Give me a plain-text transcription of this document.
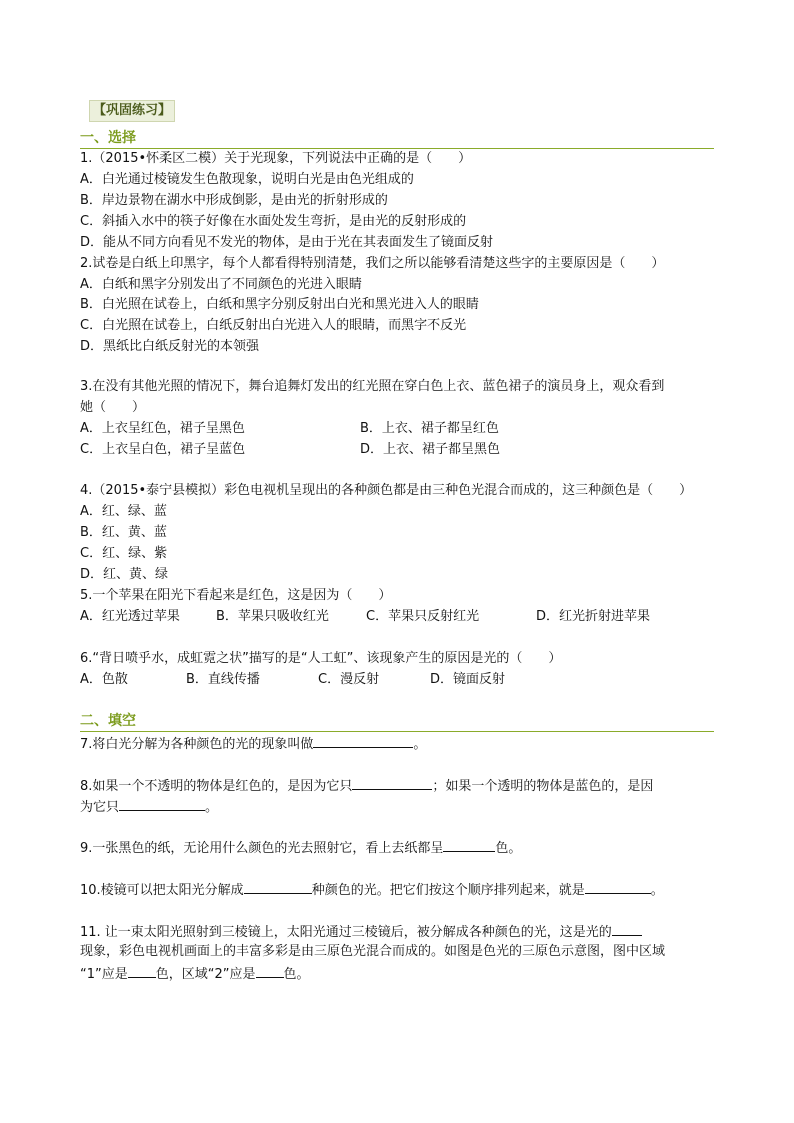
【巩固练习】
一、选择
1.（2015•怀柔区二模）关于光现象，下列说法中正确的是（　　）
A．白光通过棱镜发生色散现象，说明白光是由色光组成的
B．岸边景物在湖水中形成倒影，是由光的折射形成的
C．斜插入水中的筷子好像在水面处发生弯折，是由光的反射形成的
D．能从不同方向看见不发光的物体，是由于光在其表面发生了镜面反射
2.试卷是白纸上印黑字，每个人都看得特别清楚，我们之所以能够看清楚这些字的主要原因是（　　）
A．白纸和黑字分别发出了不同颜色的光进入眼睛
B．白光照在试卷上，白纸和黑字分别反射出白光和黑光进入人的眼睛
C．白光照在试卷上，白纸反射出白光进入人的眼睛，而黑字不反光
D．黑纸比白纸反射光的本领强
3.在没有其他光照的情况下，舞台追舞灯发出的红光照在穿白色上衣、蓝色裙子的演员身上，观众看到
她（　　）
A．上衣呈红色，裙子呈黑色	B．上衣、裙子都呈红色
C．上衣呈白色，裙子呈蓝色	D．上衣、裙子都呈黑色
4.（2015•泰宁县模拟）彩色电视机呈现出的各种颜色都是由三种色光混合而成的，这三种颜色是（　　）
A．红、绿、蓝
B．红、黄、蓝
C．红、绿、紫
D．红、黄、绿
5.一个苹果在阳光下看起来是红色，这是因为（　　）
A．红光透过苹果	B．苹果只吸收红光	C．苹果只反射红光	D．红光折射进苹果
6.“背日喷乎水，成虹霓之状”描写的是“人工虹”、该现象产生的原因是光的（　　）
A．色散	B．直线传播	C．漫反射	D．镜面反射
二、填空
7.将白光分解为各种颜色的光的现象叫做	。
8.如果一个不透明的物体是红色的，是因为它只	；如果一个透明的物体是蓝色的，是因
为它只	。
9.一张黑色的纸，无论用什么颜色的光去照射它，看上去纸都呈	色。
10.棱镜可以把太阳光分解成	种颜色的光。把它们按这个顺序排列起来，就是	。
11. 让一束太阳光照射到三棱镜上，太阳光通过三棱镜后，被分解成各种颜色的光，这是光的
现象，彩色电视机画面上的丰富多彩是由三原色光混合而成的。如图是色光的三原色示意图，图中区域
“1”应是 色，区域“2”应是 色。
